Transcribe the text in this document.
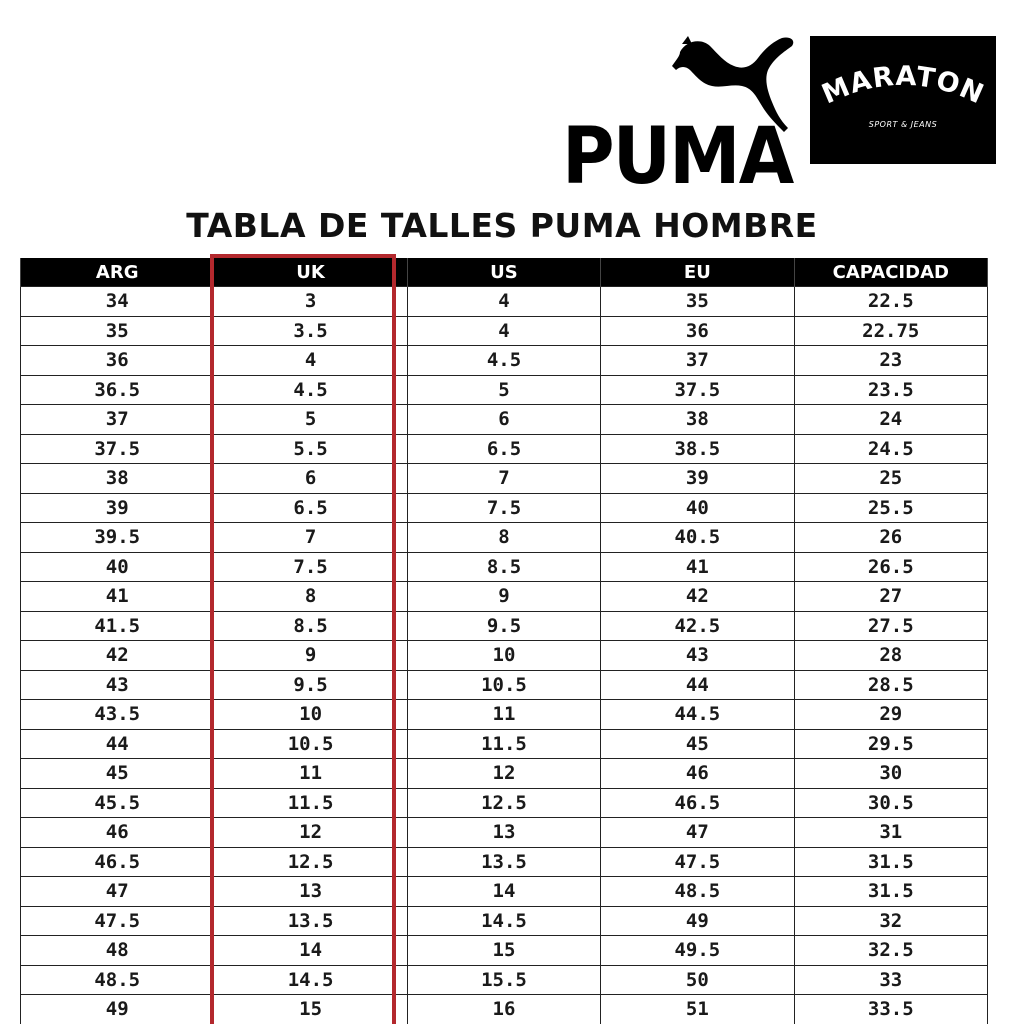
PUMA
MARATON
SPORT & JEANS
TABLA DE TALLES PUMA HOMBRE
ARG	UK	US	EU	CAPACIDAD
34	3	4	35	22.5
35	3.5	4	36	22.75
36	4	4.5	37	23
36.5	4.5	5	37.5	23.5
37	5	6	38	24
37.5	5.5	6.5	38.5	24.5
38	6	7	39	25
39	6.5	7.5	40	25.5
39.5	7	8	40.5	26
40	7.5	8.5	41	26.5
41	8	9	42	27
41.5	8.5	9.5	42.5	27.5
42	9	10	43	28
43	9.5	10.5	44	28.5
43.5	10	11	44.5	29
44	10.5	11.5	45	29.5
45	11	12	46	30
45.5	11.5	12.5	46.5	30.5
46	12	13	47	31
46.5	12.5	13.5	47.5	31.5
47	13	14	48.5	31.5
47.5	13.5	14.5	49	32
48	14	15	49.5	32.5
48.5	14.5	15.5	50	33
49	15	16	51	33.5
